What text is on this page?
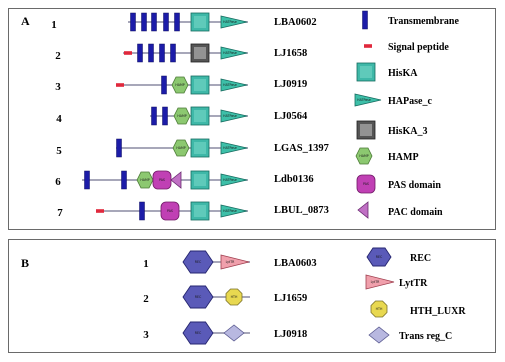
A
B
1
2
3
4
5
6
7
LBA0602
LJ1658
LJ0919
LJ0564
LGAS_1397
Ldb0136
LBUL_0873
Transmembrane
Signal peptide
HisKA
HAPase_c
HisKA_3
HAMP
PAS domain
PAC domain
1
2
3
LBA0603
LJ1659
LJ0918
REC
LytTR
HTH_LUXR
Trans reg_C
HATPase
HATPase
HAMP	HATPase
HAMP	HATPase
HAMP	HATPase
HAMP	PAS	HATPase
PAS	HATPase
HATPase
HAMP
PAS
REC	LytTR
REC	HTH
REC
REC
LytTR
HTH
